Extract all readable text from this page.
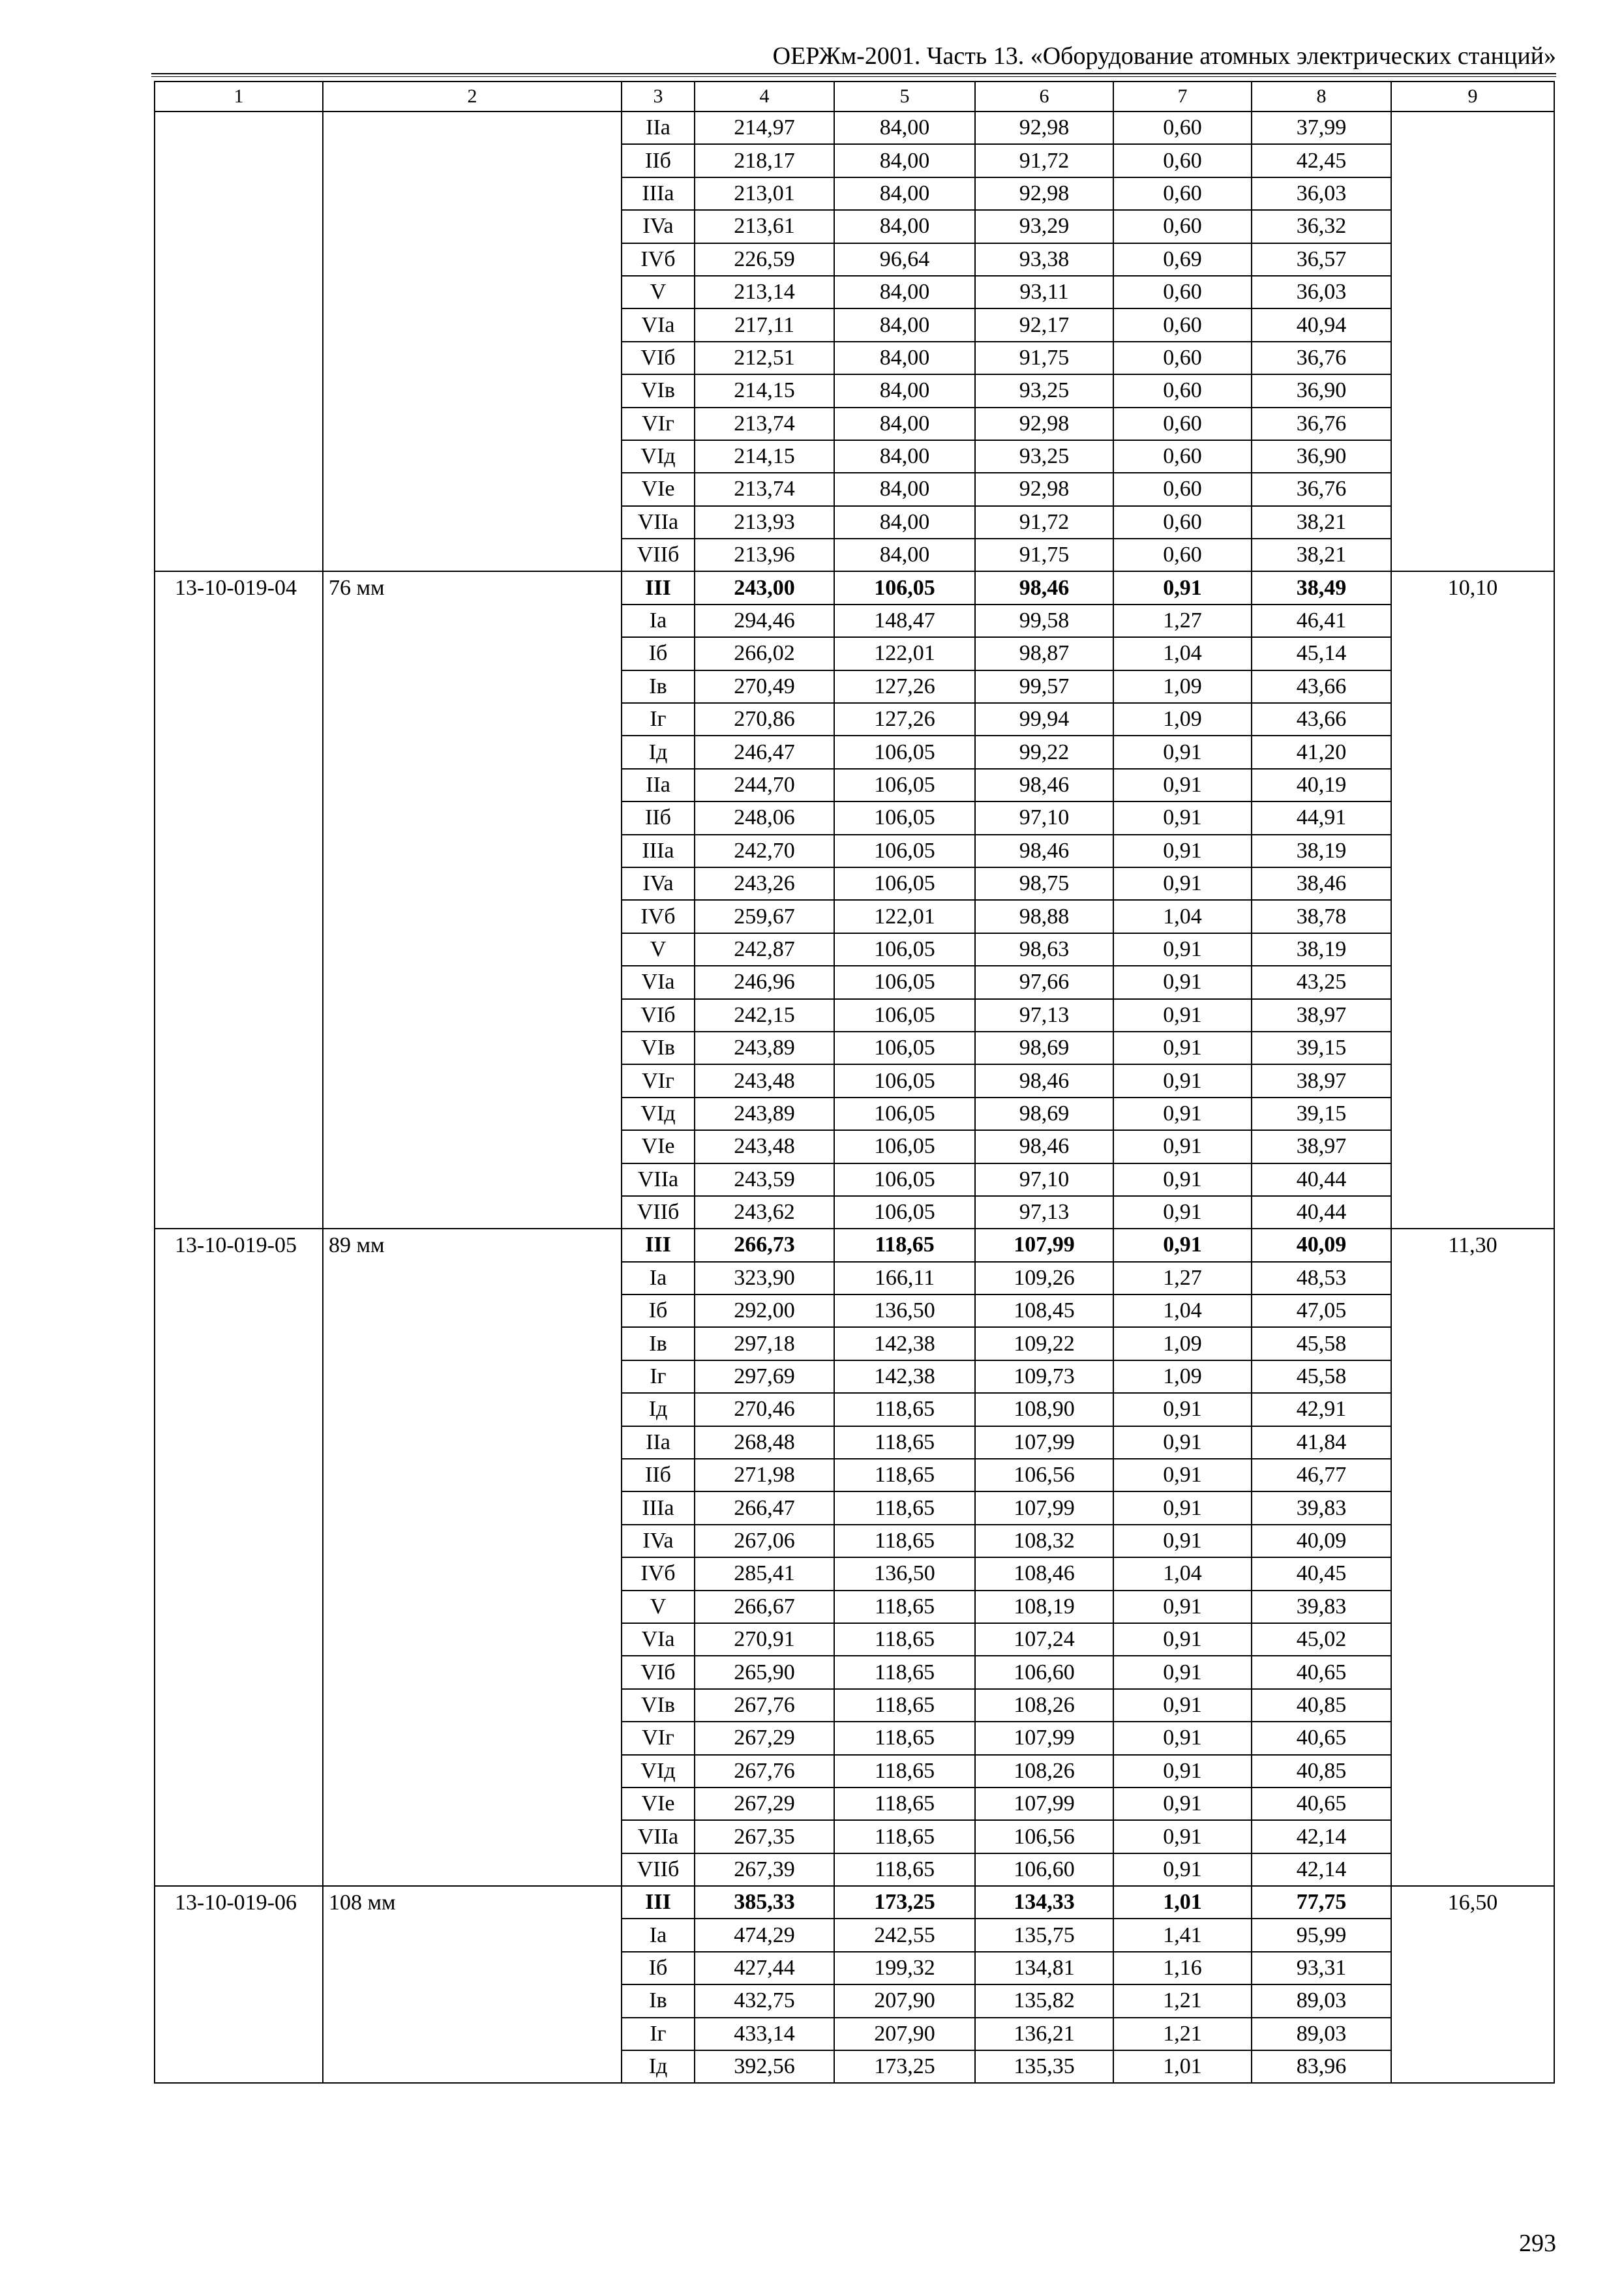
ОЕРЖм-2001. Часть 13. «Оборудование атомных электрических станций»
1	2	3	4	5	6	7	8	9
		IIa	214,97	84,00	92,98	0,60	37,99	
		IIб	218,17	84,00	91,72	0,60	42,45	
		IIIa	213,01	84,00	92,98	0,60	36,03	
		IVa	213,61	84,00	93,29	0,60	36,32	
		IVб	226,59	96,64	93,38	0,69	36,57	
		V	213,14	84,00	93,11	0,60	36,03	
		VIa	217,11	84,00	92,17	0,60	40,94	
		VIб	212,51	84,00	91,75	0,60	36,76	
		VIв	214,15	84,00	93,25	0,60	36,90	
		VIг	213,74	84,00	92,98	0,60	36,76	
		VIд	214,15	84,00	93,25	0,60	36,90	
		VIe	213,74	84,00	92,98	0,60	36,76	
		VIIa	213,93	84,00	91,72	0,60	38,21	
		VIIб	213,96	84,00	91,75	0,60	38,21	
13-10-019-04	76 мм	III	243,00	106,05	98,46	0,91	38,49	10,10
		Ia	294,46	148,47	99,58	1,27	46,41	
		Iб	266,02	122,01	98,87	1,04	45,14	
		Iв	270,49	127,26	99,57	1,09	43,66	
		Iг	270,86	127,26	99,94	1,09	43,66	
		Iд	246,47	106,05	99,22	0,91	41,20	
		IIa	244,70	106,05	98,46	0,91	40,19	
		IIб	248,06	106,05	97,10	0,91	44,91	
		IIIa	242,70	106,05	98,46	0,91	38,19	
		IVa	243,26	106,05	98,75	0,91	38,46	
		IVб	259,67	122,01	98,88	1,04	38,78	
		V	242,87	106,05	98,63	0,91	38,19	
		VIa	246,96	106,05	97,66	0,91	43,25	
		VIб	242,15	106,05	97,13	0,91	38,97	
		VIв	243,89	106,05	98,69	0,91	39,15	
		VIг	243,48	106,05	98,46	0,91	38,97	
		VIд	243,89	106,05	98,69	0,91	39,15	
		VIe	243,48	106,05	98,46	0,91	38,97	
		VIIa	243,59	106,05	97,10	0,91	40,44	
		VIIб	243,62	106,05	97,13	0,91	40,44	
13-10-019-05	89 мм	III	266,73	118,65	107,99	0,91	40,09	11,30
		Ia	323,90	166,11	109,26	1,27	48,53	
		Iб	292,00	136,50	108,45	1,04	47,05	
		Iв	297,18	142,38	109,22	1,09	45,58	
		Iг	297,69	142,38	109,73	1,09	45,58	
		Iд	270,46	118,65	108,90	0,91	42,91	
		IIa	268,48	118,65	107,99	0,91	41,84	
		IIб	271,98	118,65	106,56	0,91	46,77	
		IIIa	266,47	118,65	107,99	0,91	39,83	
		IVa	267,06	118,65	108,32	0,91	40,09	
		IVб	285,41	136,50	108,46	1,04	40,45	
		V	266,67	118,65	108,19	0,91	39,83	
		VIa	270,91	118,65	107,24	0,91	45,02	
		VIб	265,90	118,65	106,60	0,91	40,65	
		VIв	267,76	118,65	108,26	0,91	40,85	
		VIг	267,29	118,65	107,99	0,91	40,65	
		VIд	267,76	118,65	108,26	0,91	40,85	
		VIe	267,29	118,65	107,99	0,91	40,65	
		VIIa	267,35	118,65	106,56	0,91	42,14	
		VIIб	267,39	118,65	106,60	0,91	42,14	
13-10-019-06	108 мм	III	385,33	173,25	134,33	1,01	77,75	16,50
		Ia	474,29	242,55	135,75	1,41	95,99	
		Iб	427,44	199,32	134,81	1,16	93,31	
		Iв	432,75	207,90	135,82	1,21	89,03	
		Iг	433,14	207,90	136,21	1,21	89,03	
		Iд	392,56	173,25	135,35	1,01	83,96	
293
